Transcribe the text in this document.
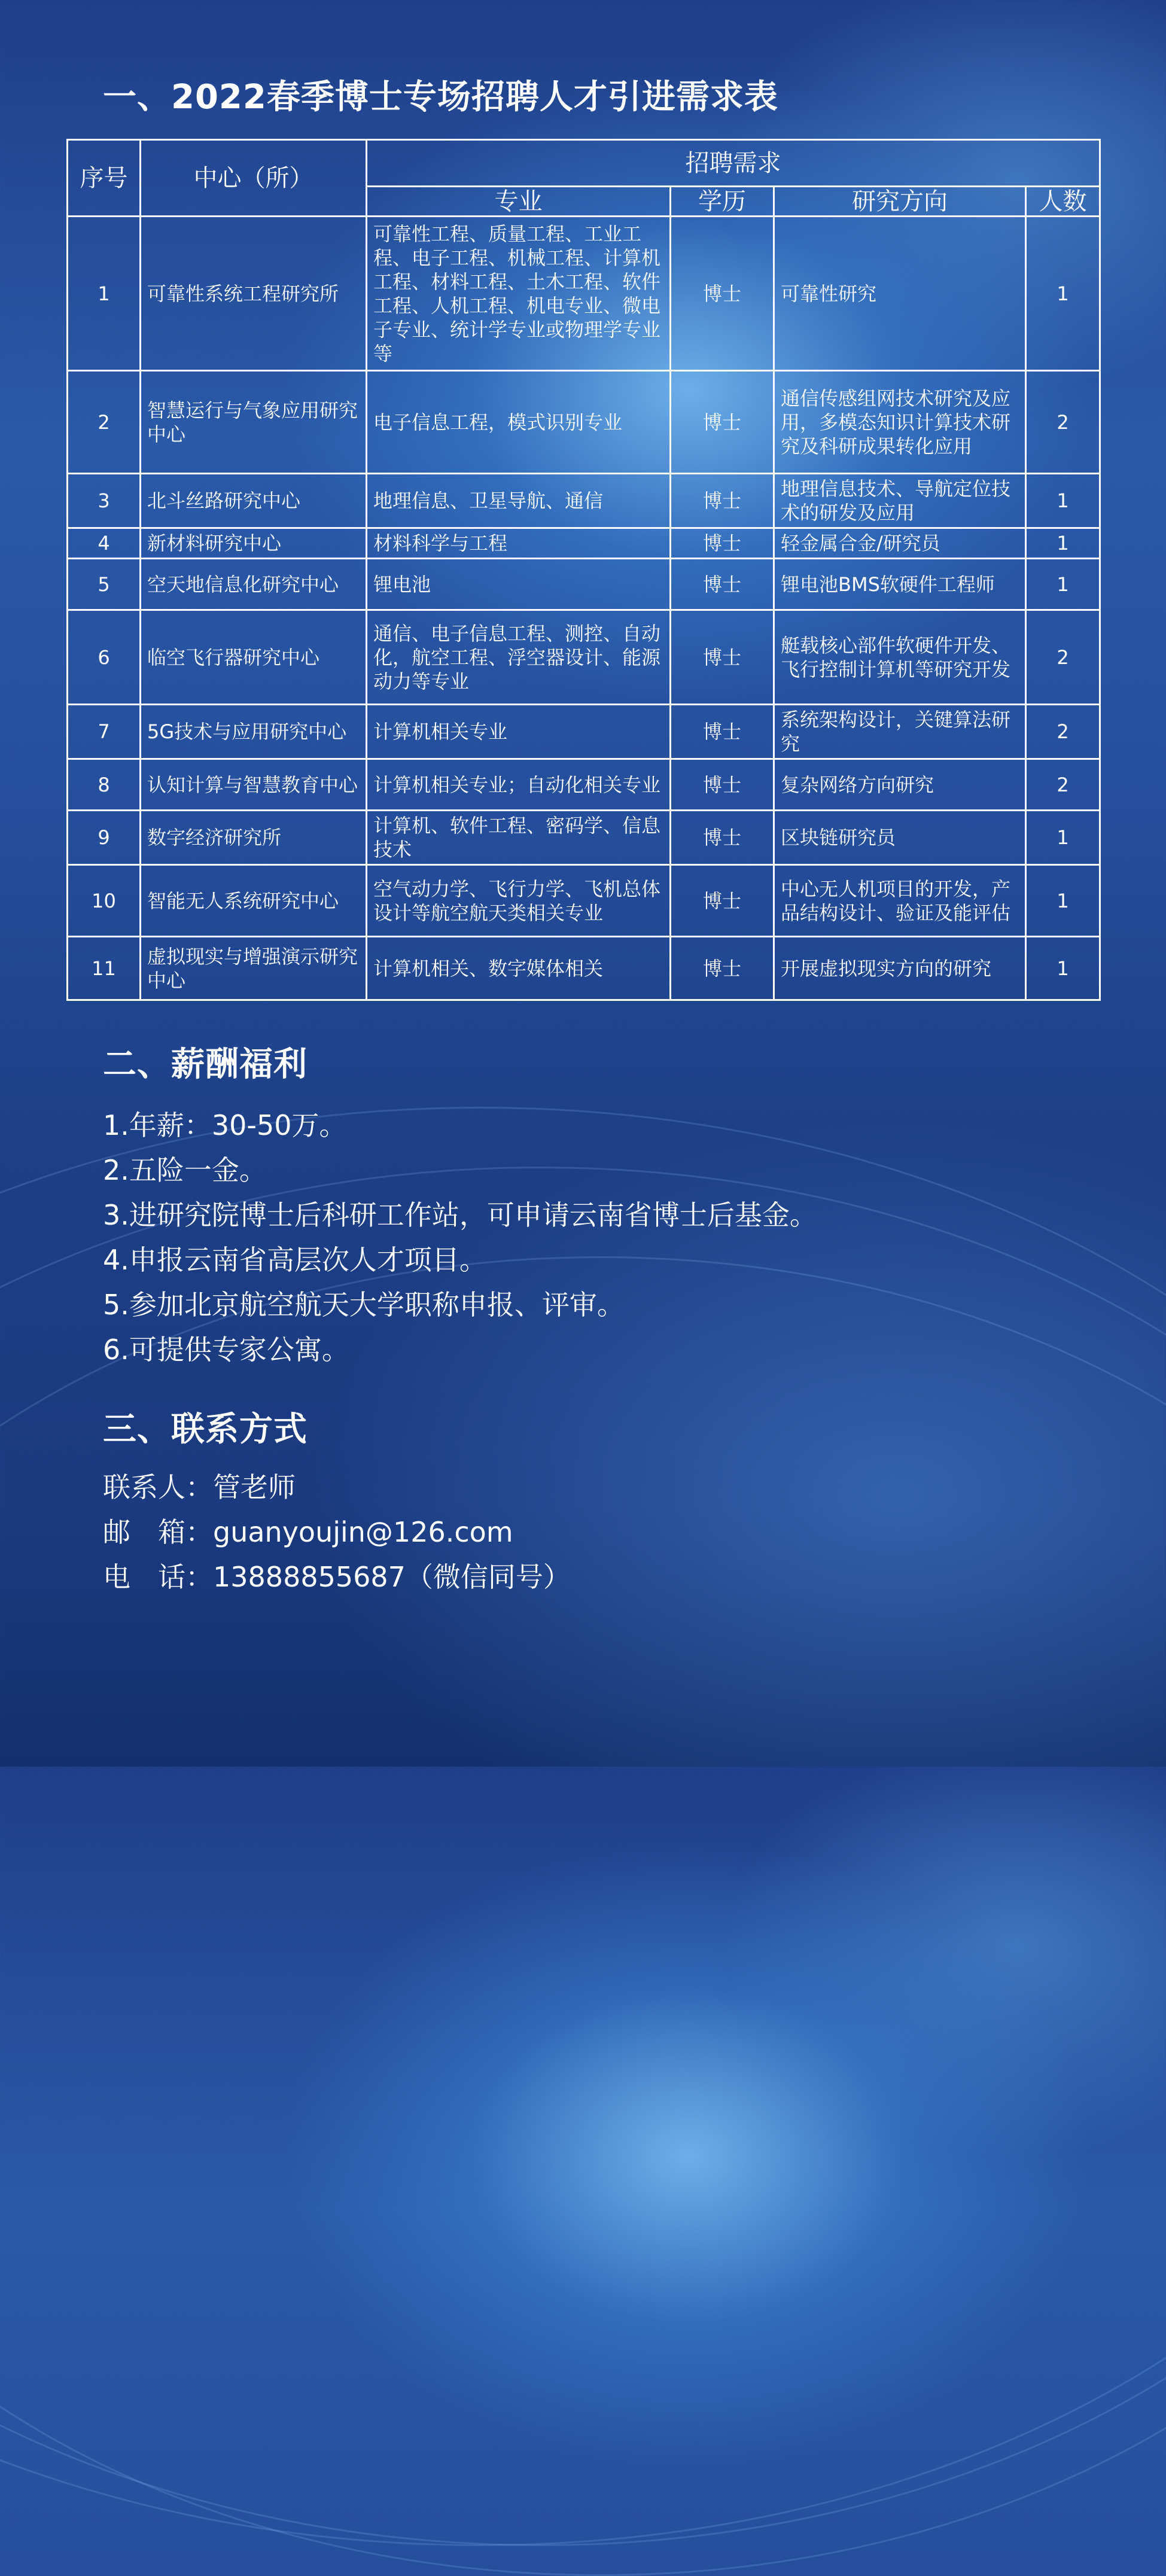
一、2022春季博士专场招聘人才引进需求表
序号	中心（所）	招聘需求			
		专业	学历	研究方向	人数
1	可靠性系统工程研究所	可靠性工程、质量工程、工业工程、电子工程、机械工程、计算机工程、材料工程、土木工程、软件工程、人机工程、机电专业、微电子专业、统计学专业或物理学专业等	博士	可靠性研究	1
2	智慧运行与气象应用研究中心	电子信息工程，模式识别专业	博士	通信传感组网技术研究及应用，多模态知识计算技术研究及科研成果转化应用	2
3	北斗丝路研究中心	地理信息、卫星导航、通信	博士	地理信息技术、导航定位技术的研发及应用	1
4	新材料研究中心	材料科学与工程	博士	轻金属合金/研究员	1
5	空天地信息化研究中心	锂电池	博士	锂电池BMS软硬件工程师	1
6	临空飞行器研究中心	通信、电子信息工程、测控、自动化，航空工程、浮空器设计、能源动力等专业	博士	艇载核心部件软硬件开发、飞行控制计算机等研究开发	2
7	5G技术与应用研究中心	计算机相关专业	博士	系统架构设计，关键算法研究	2
8	认知计算与智慧教育中心	计算机相关专业；自动化相关专业	博士	复杂网络方向研究	2
9	数字经济研究所	计算机、软件工程、密码学、信息技术	博士	区块链研究员	1
10	智能无人系统研究中心	空气动力学、飞行力学、飞机总体设计等航空航天类相关专业	博士	中心无人机项目的开发，产品结构设计、验证及能评估	1
11	虚拟现实与增强演示研究中心	计算机相关、数字媒体相关	博士	开展虚拟现实方向的研究	1
二、薪酬福利
1.年薪：30-50万。
2.五险一金。
3.进研究院博士后科研工作站，可申请云南省博士后基金。
4.申报云南省高层次人才项目。
5.参加北京航空航天大学职称申报、评审。
6.可提供专家公寓。
三、联系方式
联系人：管老师
邮　箱：guanyoujin@126.com
电　话：13888855687（微信同号）
